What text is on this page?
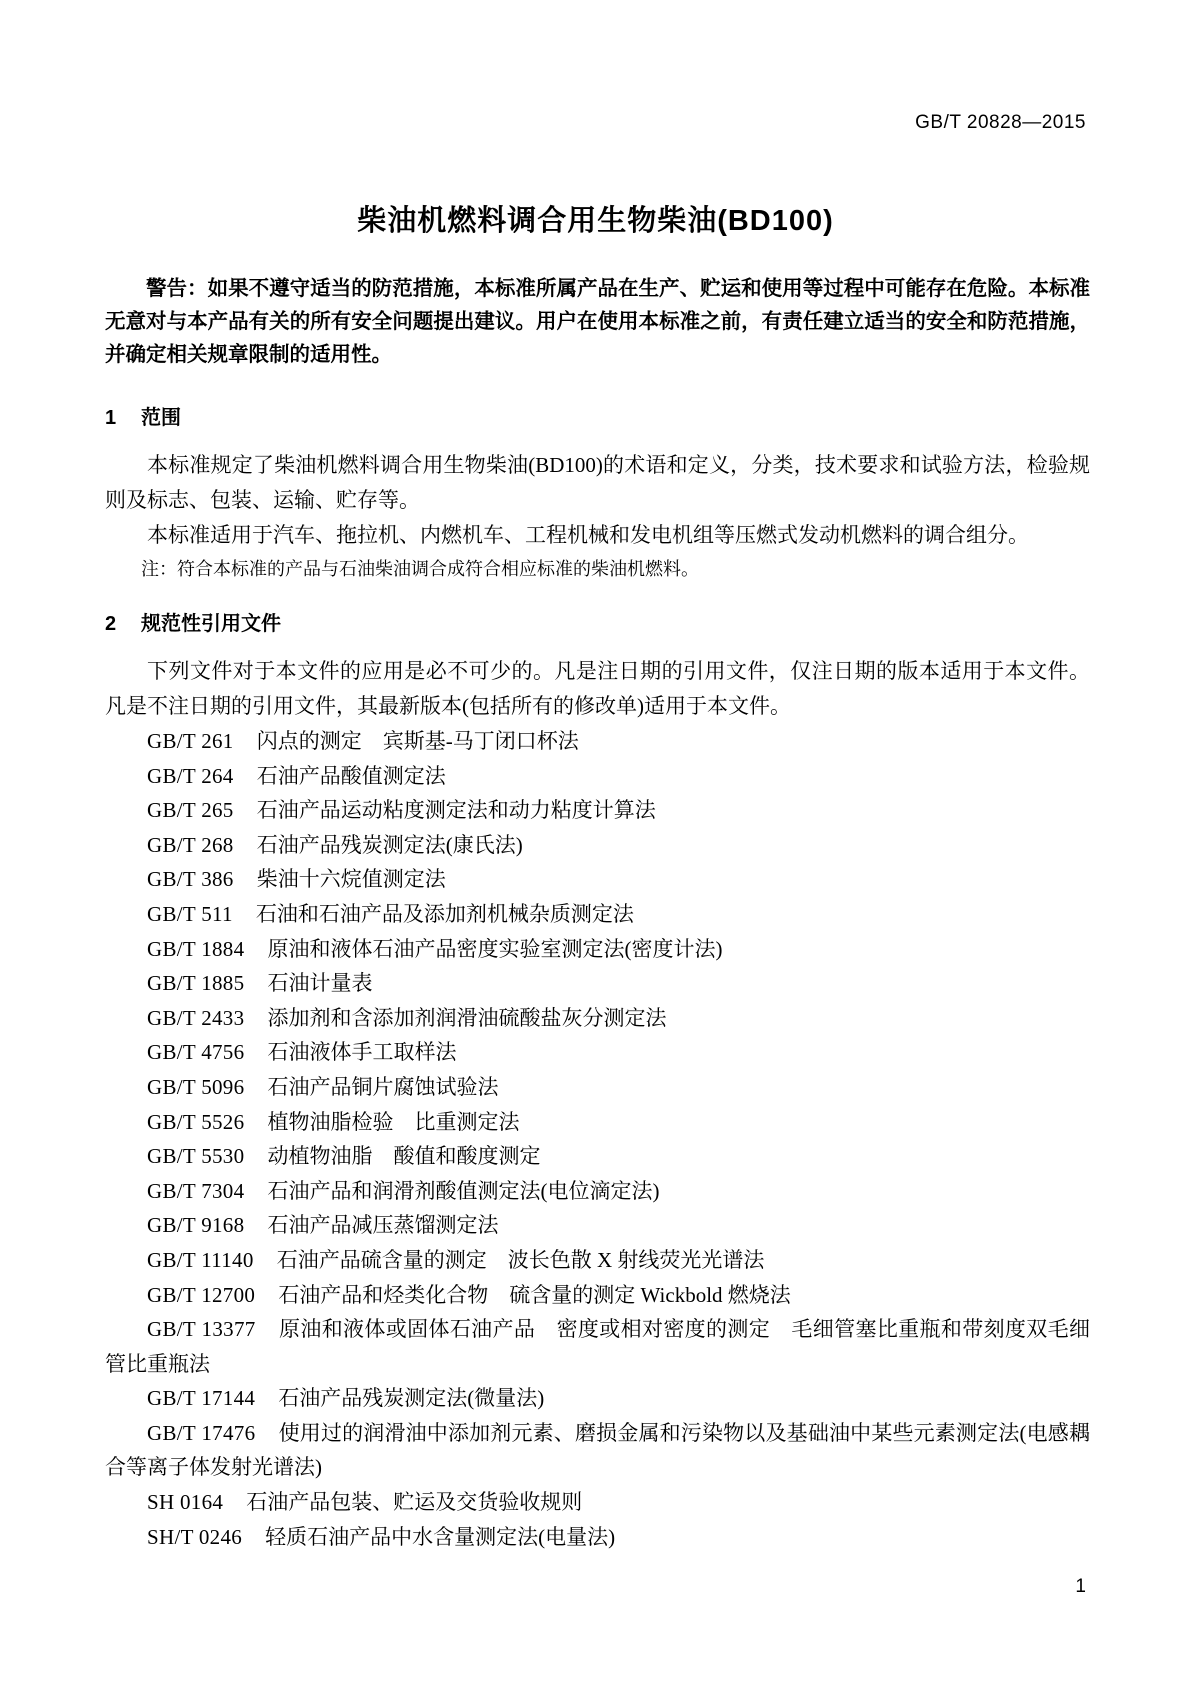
GB/T 20828—2015
柴油机燃料调合用生物柴油(BD100)

警告：如果不遵守适当的防范措施，本标准所属产品在生产、贮运和使用等过程中可能存在危险。本标准无意对与本产品有关的所有安全问题提出建议。用户在使用本标准之前，有责任建立适当的安全和防范措施，并确定相关规章限制的适用性。

1 范围

本标准规定了柴油机燃料调合用生物柴油(BD100)的术语和定义，分类，技术要求和试验方法，检验规则及标志、包装、运输、贮存等。

本标准适用于汽车、拖拉机、内燃机车、工程机械和发电机组等压燃式发动机燃料的调合组分。

注：符合本标准的产品与石油柴油调合成符合相应标准的柴油机燃料。

2 规范性引用文件

下列文件对于本文件的应用是必不可少的。凡是注日期的引用文件，仅注日期的版本适用于本文件。凡是不注日期的引用文件，其最新版本(包括所有的修改单)适用于本文件。

GB/T 261 闪点的测定　宾斯基-马丁闭口杯法
GB/T 264 石油产品酸值测定法
GB/T 265 石油产品运动粘度测定法和动力粘度计算法
GB/T 268 石油产品残炭测定法(康氏法)
GB/T 386 柴油十六烷值测定法
GB/T 511 石油和石油产品及添加剂机械杂质测定法
GB/T 1884 原油和液体石油产品密度实验室测定法(密度计法)
GB/T 1885 石油计量表
GB/T 2433 添加剂和含添加剂润滑油硫酸盐灰分测定法
GB/T 4756 石油液体手工取样法
GB/T 5096 石油产品铜片腐蚀试验法
GB/T 5526 植物油脂检验　比重测定法
GB/T 5530 动植物油脂　酸值和酸度测定
GB/T 7304 石油产品和润滑剂酸值测定法(电位滴定法)
GB/T 9168 石油产品减压蒸馏测定法
GB/T 11140 石油产品硫含量的测定　波长色散 X 射线荧光光谱法
GB/T 12700 石油产品和烃类化合物　硫含量的测定 Wickbold 燃烧法
GB/T 13377 原油和液体或固体石油产品　密度或相对密度的测定　毛细管塞比重瓶和带刻度双毛细管比重瓶法
GB/T 17144 石油产品残炭测定法(微量法)
GB/T 17476 使用过的润滑油中添加剂元素、磨损金属和污染物以及基础油中某些元素测定法(电感耦合等离子体发射光谱法)
SH 0164 石油产品包装、贮运及交货验收规则
SH/T 0246 轻质石油产品中水含量测定法(电量法)
1
